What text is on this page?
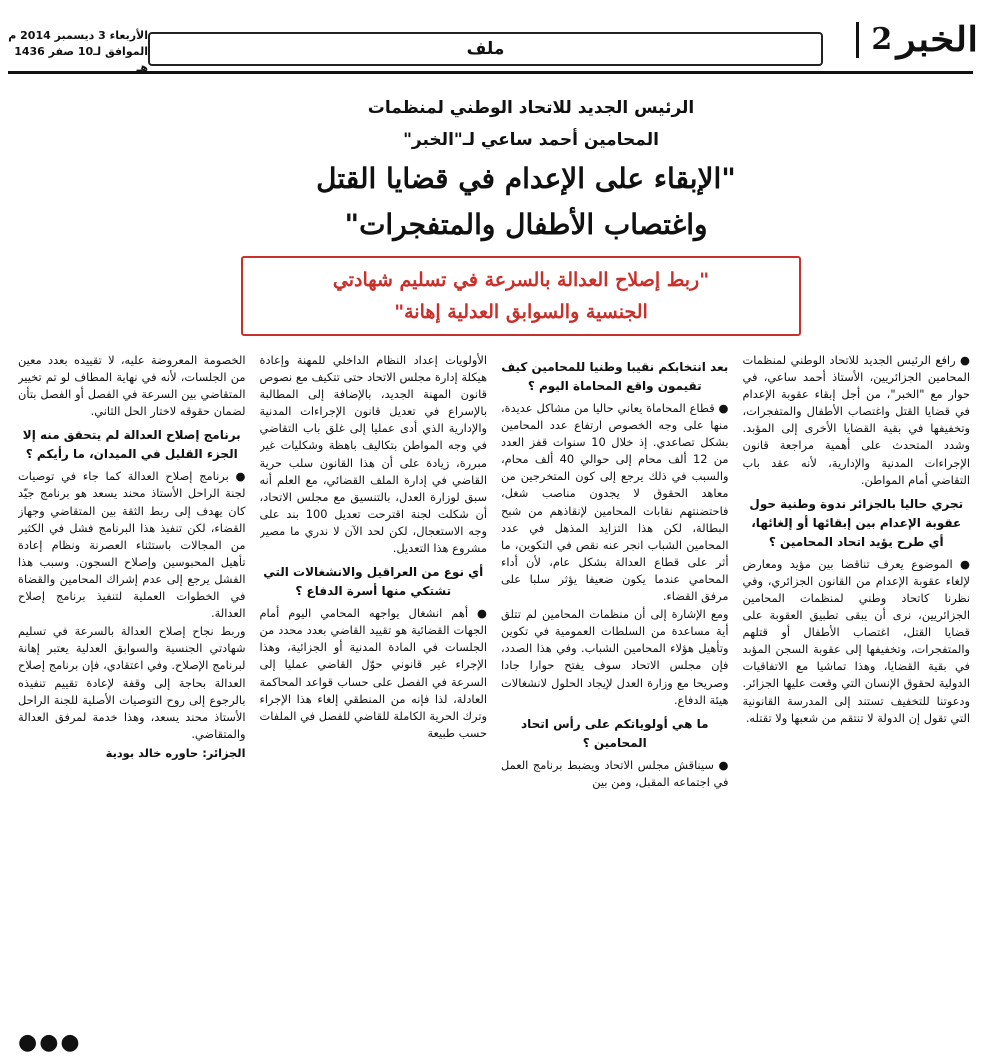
الخبر
2
ملف
الأربعاء 3 ديسمبر 2014 م
الموافق لـ10 صفر 1436 هـ
الرئيس الجديد للاتحاد الوطني لمنظمات
المحامين أحمد ساعي لـ"الخبر"
"الإبقاء على الإعدام في قضايا القتل
واغتصاب الأطفال والمتفجرات"
"ربط إصلاح العدالة بالسرعة في تسليم شهادتي
الجنسية والسوابق العدلية إهانة"

● رافع الرئيس الجديد للاتحاد الوطني لمنظمات المحامين الجزائريين، الأستاذ أحمد ساعي، في حوار مع "الخبر"، من أجل إبقاء عقوبة الإعدام في قضايا القتل واغتصاب الأطفال والمتفجرات، وتخفيفها في بقية القضايا الأخرى إلى المؤبد. وشدد المتحدث على أهمية مراجعة قانون الإجراءات المدنية والإدارية، لأنه عقد باب التقاضي أمام المواطن.

تجري حاليا بالجزائر ندوة وطنية حول عقوبة الإعدام بين إبقائها أو إلغائها، أي طرح يؤيد اتحاد المحامين ؟

● الموضوع يعرف تناقضا بين مؤيد ومعارض لإلغاء عقوبة الإعدام من القانون الجزائري، وفي نظرنا كاتحاد وطني لمنظمات المحامين الجزائريين، نرى أن يبقى تطبيق العقوبة على قضايا القتل، اغتصاب الأطفال أو قتلهم والمتفجرات، وتخفيفها إلى عقوبة السجن المؤبد في بقية القضايا، وهذا تماشيا مع الاتفاقيات الدولية لحقوق الإنسان التي وقعت عليها الجزائر. ودعوتنا للتخفيف تستند إلى المدرسة القانونية التي تقول إن الدولة لا تنتقم من شعبها ولا تقتله.

بعد انتخابكم نقيبا وطنيا للمحامين كيف تقيمون واقع المحاماة اليوم ؟

● قطاع المحاماة يعاني حاليا من مشاكل عديدة، منها على وجه الخصوص ارتفاع عدد المحامين بشكل تصاعدي. إذ خلال 10 سنوات قفز العدد من 12 ألف محام إلى حوالي 40 ألف محام، والسبب في ذلك يرجع إلى كون المتخرجين من معاهد الحقوق لا يجدون مناصب شغل، فاحتضنتهم نقابات المحامين لإنقاذهم من شبح البطالة، لكن هذا التزايد المذهل في عدد المحامين الشباب انجر عنه نقص في التكوين، ما أثر على قطاع العدالة بشكل عام، لأن أداء المحامي عندما يكون ضعيفا يؤثر سلبا على مرفق القضاء.

ومع الإشارة إلى أن منظمات المحامين لم تتلق أية مساعدة من السلطات العمومية في تكوين وتأهيل هؤلاء المحامين الشباب. وفي هذا الصدد، فإن مجلس الاتحاد سوف يفتح حوارا جادا وصريحا مع وزارة العدل لإيجاد الحلول لانشغالات هيئة الدفاع.

ما هي أولوياتكم على رأس اتحاد المحامين ؟

● سيناقش مجلس الاتحاد ويضبط برنامج العمل في اجتماعه المقبل، ومن بين

الأولويات إعداد النظام الداخلي للمهنة وإعادة هيكلة إدارة مجلس الاتحاد حتى تتكيف مع نصوص قانون المهنة الجديد، بالإضافة إلى المطالبة بالإسراع في تعديل قانون الإجراءات المدنية والإدارية الذي أدى عمليا إلى غلق باب التقاضي في وجه المواطن بتكاليف باهظة وشكليات غير مبررة، زيادة على أن هذا القانون سلب حرية القاضي في إدارة الملف القضائي، مع العلم أنه سبق لوزارة العدل، بالتنسيق مع مجلس الاتحاد، أن شكلت لجنة اقترحت تعديل 100 بند على وجه الاستعجال، لكن لحد الآن لا ندري ما مصير مشروع هذا التعديل.

أي نوع من العراقيل والانشغالات التي تشتكي منها أسرة الدفاع ؟

● أهم انشغال يواجهه المحامي اليوم أمام الجهات القضائية هو تقييد القاضي بعدد محدد من الجلسات في المادة المدنية أو الجزائية، وهذا الإجراء غير قانوني حوّل القاضي عمليا إلى السرعة في الفصل على حساب قواعد المحاكمة العادلة، لذا فإنه من المنطقي إلغاء هذا الإجراء وترك الحرية الكاملة للقاضي للفصل في الملفات حسب طبيعة

الخصومة المعروضة عليه، لا تقييده بعدد معين من الجلسات، لأنه في نهاية المطاف لو تم تخيير المتقاضي بين السرعة في الفصل أو الفصل بتأن لضمان حقوقه لاختار الحل الثاني.

برنامج إصلاح العدالة لم يتحقق منه إلا الجزء القليل في الميدان، ما رأيكم ؟

● برنامج إصلاح العدالة كما جاء في توصيات لجنة الراحل الأستاذ محند يسعد هو برنامج جيّد كان يهدف إلى ربط الثقة بين المتقاضي وجهاز القضاء، لكن تنفيذ هذا البرنامج فشل في الكثير من المجالات باستثناء العصرنة ونظام إعادة تأهيل المحبوسين وإصلاح السجون. وسبب هذا الفشل يرجع إلى عدم إشراك المحامين والقضاة في الخطوات العملية لتنفيذ برنامج إصلاح العدالة.

وربط نجاح إصلاح العدالة بالسرعة في تسليم شهادتي الجنسية والسوابق العدلية يعتبر إهانة لبرنامج الإصلاح. وفي اعتقادي، فإن برنامج إصلاح العدالة بحاجة إلى وقفة لإعادة تقييم تنفيذه بالرجوع إلى روح التوصيات الأصلية للجنة الراحل الأستاذ محند يسعد، وهذا خدمة لمرفق العدالة والمتقاضي.

الجزائر: حاوره خالد بودية
●●●
